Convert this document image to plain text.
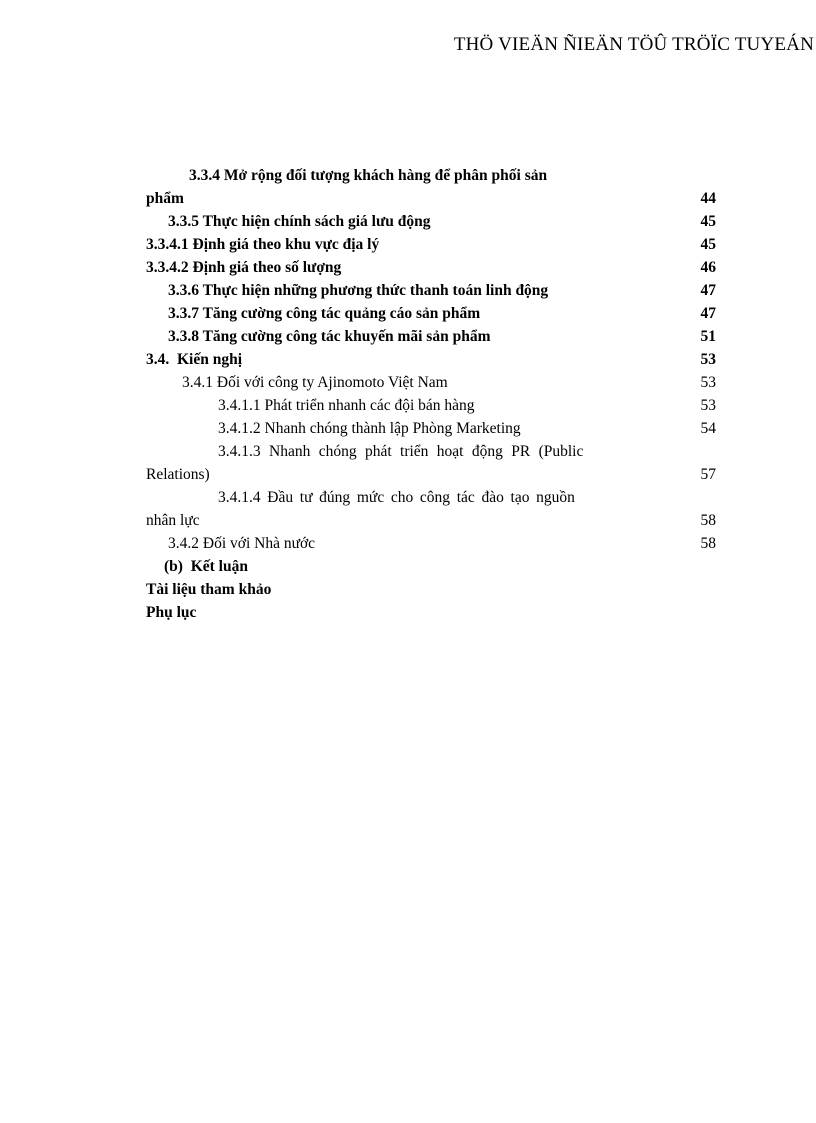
THÖ VIEÄN ÑIEÄN TÖÛ TRÖÏC TUYEÁN
3.3.4 Mở rộng đối tượng khách hàng để phân phối sản
phẩm	44
3.3.5 Thực hiện chính sách giá lưu động	45
3.3.4.1 Định giá theo khu vực địa lý	45
3.3.4.2 Định giá theo số lượng	46
3.3.6 Thực hiện những phương thức thanh toán linh động	47
3.3.7 Tăng cường công tác quảng cáo sản phẩm	47
3.3.8 Tăng cường công tác khuyến mãi sản phẩm	51
3.4.  Kiến nghị	53
3.4.1 Đối với công ty Ajinomoto Việt Nam	53
3.4.1.1 Phát triển nhanh các đội bán hàng	53
3.4.1.2 Nhanh chóng thành lập Phòng Marketing	54
3.4.1.3 Nhanh chóng phát triển hoạt động PR (Public
Relations)	57
3.4.1.4 Đầu tư đúng mức cho công tác đào tạo nguồn
nhân lực	58
3.4.2 Đối với Nhà nước	58
(b)  Kết luận
Tài liệu tham khảo
Phụ lục
